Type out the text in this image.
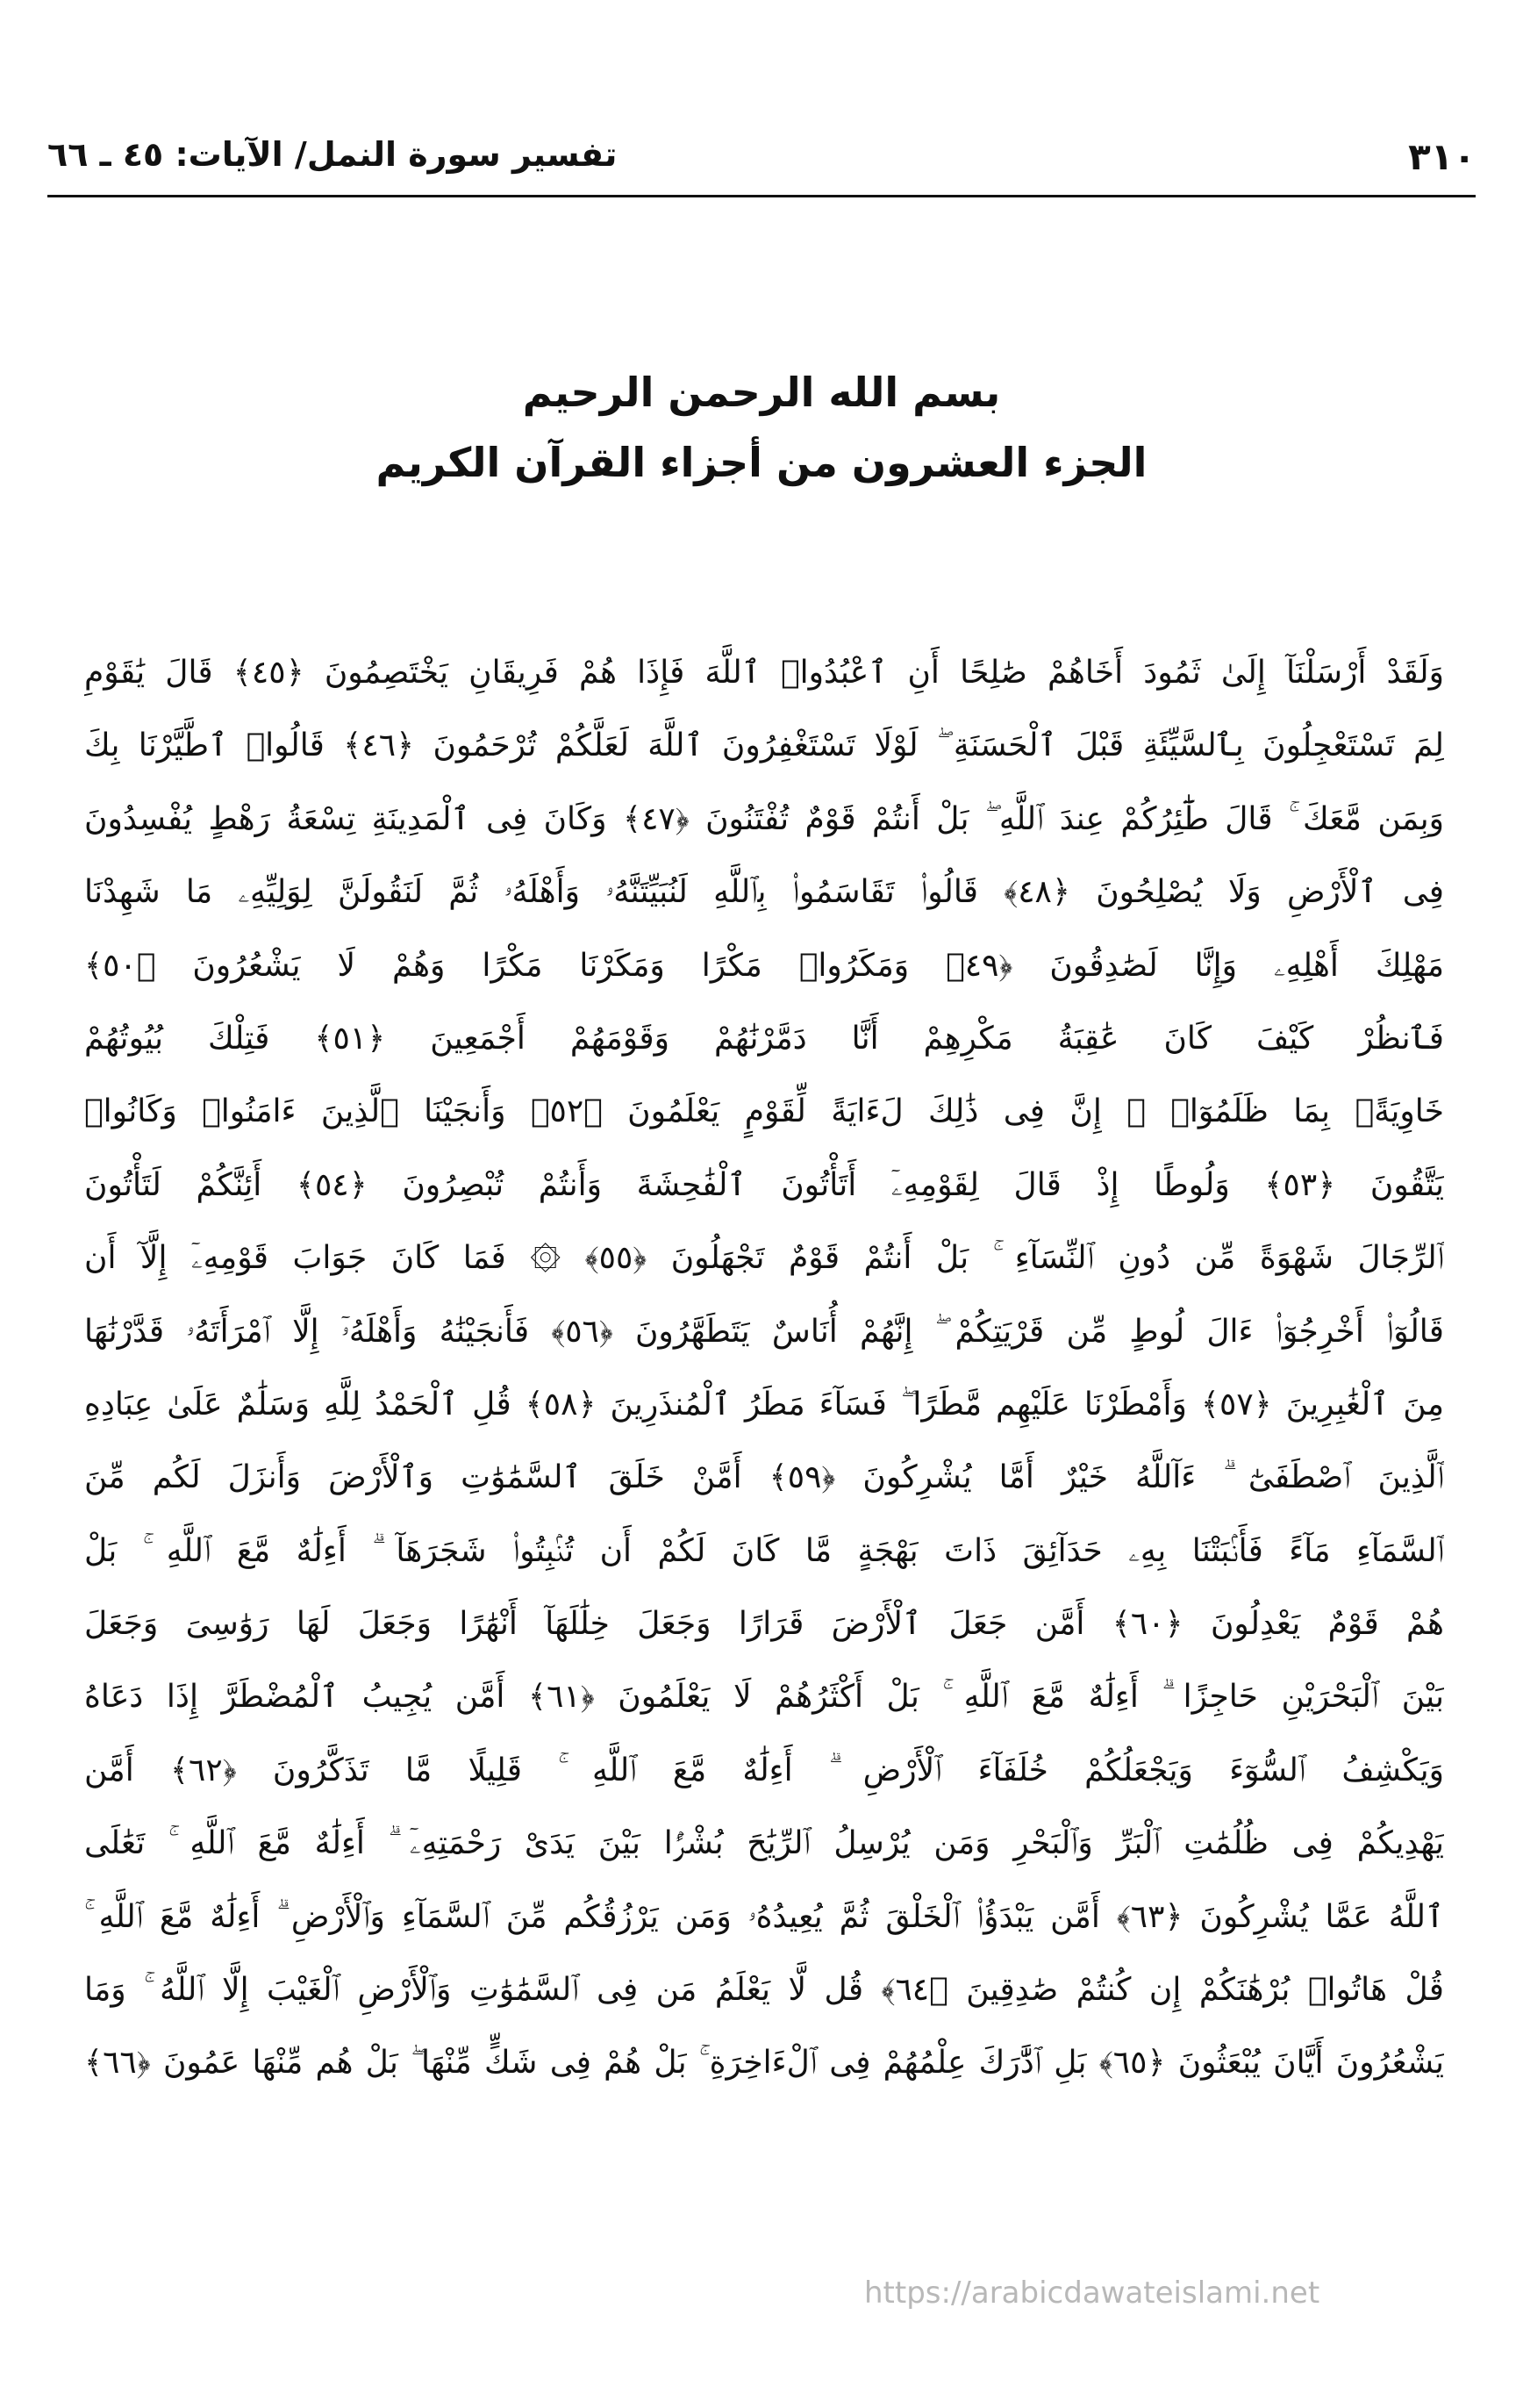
٣١٠
تفسير سورة النمل/ الآيات: ٤٥ ـ ٦٦
بسم الله الرحمن الرحيم
الجزء العشرون من أجزاء القرآن الكريم
وَلَقَدْ أَرْسَلْنَآ إِلَىٰ ثَمُودَ أَخَاهُمْ صَٰلِحًا أَنِ ٱعْبُدُوا۟ ٱللَّهَ فَإِذَا هُمْ فَرِيقَانِ يَخْتَصِمُونَ ﴿٤٥﴾ قَالَ يَٰقَوْمِ
لِمَ تَسْتَعْجِلُونَ بِٱلسَّيِّئَةِ قَبْلَ ٱلْحَسَنَةِ ۖ لَوْلَا تَسْتَغْفِرُونَ ٱللَّهَ لَعَلَّكُمْ تُرْحَمُونَ ﴿٤٦﴾ قَالُوا۟ ٱطَّيَّرْنَا بِكَ
وَبِمَن مَّعَكَ ۚ قَالَ طَٰٓئِرُكُمْ عِندَ ٱللَّهِ ۖ بَلْ أَنتُمْ قَوْمٌ تُفْتَنُونَ ﴿٤٧﴾ وَكَانَ فِى ٱلْمَدِينَةِ تِسْعَةُ رَهْطٍ يُفْسِدُونَ
فِى ٱلْأَرْضِ وَلَا يُصْلِحُونَ ﴿٤٨﴾ قَالُوا۟ تَقَاسَمُوا۟ بِٱللَّهِ لَنُبَيِّتَنَّهُۥ وَأَهْلَهُۥ ثُمَّ لَنَقُولَنَّ لِوَلِيِّهِۦ مَا شَهِدْنَا
مَهْلِكَ أَهْلِهِۦ وَإِنَّا لَصَٰدِقُونَ ﴿٤٩﴾ وَمَكَرُوا۟ مَكْرًا وَمَكَرْنَا مَكْرًا وَهُمْ لَا يَشْعُرُونَ ﴿٥٠﴾
فَٱنظُرْ كَيْفَ كَانَ عَٰقِبَةُ مَكْرِهِمْ أَنَّا دَمَّرْنَٰهُمْ وَقَوْمَهُمْ أَجْمَعِينَ ﴿٥١﴾ فَتِلْكَ بُيُوتُهُمْ
خَاوِيَةًۢ بِمَا ظَلَمُوٓا۟ ۗ إِنَّ فِى ذَٰلِكَ لَءَايَةً لِّقَوْمٍ يَعْلَمُونَ ﴿٥٢﴾ وَأَنجَيْنَا ٱلَّذِينَ ءَامَنُوا۟ وَكَانُوا۟
يَتَّقُونَ ﴿٥٣﴾ وَلُوطًا إِذْ قَالَ لِقَوْمِهِۦٓ أَتَأْتُونَ ٱلْفَٰحِشَةَ وَأَنتُمْ تُبْصِرُونَ ﴿٥٤﴾ أَئِنَّكُمْ لَتَأْتُونَ
ٱلرِّجَالَ شَهْوَةً مِّن دُونِ ٱلنِّسَآءِ ۚ بَلْ أَنتُمْ قَوْمٌ تَجْهَلُونَ ﴿٥٥﴾ ۞ فَمَا كَانَ جَوَابَ قَوْمِهِۦٓ إِلَّآ أَن
قَالُوٓا۟ أَخْرِجُوٓا۟ ءَالَ لُوطٍ مِّن قَرْيَتِكُمْ ۖ إِنَّهُمْ أُنَاسٌ يَتَطَهَّرُونَ ﴿٥٦﴾ فَأَنجَيْنَٰهُ وَأَهْلَهُۥٓ إِلَّا ٱمْرَأَتَهُۥ قَدَّرْنَٰهَا
مِنَ ٱلْغَٰبِرِينَ ﴿٥٧﴾ وَأَمْطَرْنَا عَلَيْهِم مَّطَرًا ۖ فَسَآءَ مَطَرُ ٱلْمُنذَرِينَ ﴿٥٨﴾ قُلِ ٱلْحَمْدُ لِلَّهِ وَسَلَٰمٌ عَلَىٰ عِبَادِهِ
ٱلَّذِينَ ٱصْطَفَىٰٓ ۗ ءَآللَّهُ خَيْرٌ أَمَّا يُشْرِكُونَ ﴿٥٩﴾ أَمَّنْ خَلَقَ ٱلسَّمَٰوَٰتِ وَٱلْأَرْضَ وَأَنزَلَ لَكُم مِّنَ
ٱلسَّمَآءِ مَآءً فَأَنۢبَتْنَا بِهِۦ حَدَآئِقَ ذَاتَ بَهْجَةٍ مَّا كَانَ لَكُمْ أَن تُنۢبِتُوا۟ شَجَرَهَآ ۗ أَءِلَٰهٌ مَّعَ ٱللَّهِ ۚ بَلْ
هُمْ قَوْمٌ يَعْدِلُونَ ﴿٦٠﴾ أَمَّن جَعَلَ ٱلْأَرْضَ قَرَارًا وَجَعَلَ خِلَٰلَهَآ أَنْهَٰرًا وَجَعَلَ لَهَا رَوَٰسِىَ وَجَعَلَ
بَيْنَ ٱلْبَحْرَيْنِ حَاجِزًا ۗ أَءِلَٰهٌ مَّعَ ٱللَّهِ ۚ بَلْ أَكْثَرُهُمْ لَا يَعْلَمُونَ ﴿٦١﴾ أَمَّن يُجِيبُ ٱلْمُضْطَرَّ إِذَا دَعَاهُ
وَيَكْشِفُ ٱلسُّوٓءَ وَيَجْعَلُكُمْ خُلَفَآءَ ٱلْأَرْضِ ۗ أَءِلَٰهٌ مَّعَ ٱللَّهِ ۚ قَلِيلًا مَّا تَذَكَّرُونَ ﴿٦٢﴾ أَمَّن
يَهْدِيكُمْ فِى ظُلُمَٰتِ ٱلْبَرِّ وَٱلْبَحْرِ وَمَن يُرْسِلُ ٱلرِّيَٰحَ بُشْرًۢا بَيْنَ يَدَىْ رَحْمَتِهِۦٓ ۗ أَءِلَٰهٌ مَّعَ ٱللَّهِ ۚ تَعَٰلَى
ٱللَّهُ عَمَّا يُشْرِكُونَ ﴿٦٣﴾ أَمَّن يَبْدَؤُا۟ ٱلْخَلْقَ ثُمَّ يُعِيدُهُۥ وَمَن يَرْزُقُكُم مِّنَ ٱلسَّمَآءِ وَٱلْأَرْضِ ۗ أَءِلَٰهٌ مَّعَ ٱللَّهِ ۚ
قُلْ هَاتُوا۟ بُرْهَٰنَكُمْ إِن كُنتُمْ صَٰدِقِينَ ﴿٦٤﴾ قُل لَّا يَعْلَمُ مَن فِى ٱلسَّمَٰوَٰتِ وَٱلْأَرْضِ ٱلْغَيْبَ إِلَّا ٱللَّهُ ۚ وَمَا
يَشْعُرُونَ أَيَّانَ يُبْعَثُونَ ﴿٦٥﴾ بَلِ ٱدَّٰرَكَ عِلْمُهُمْ فِى ٱلْءَاخِرَةِ ۚ بَلْ هُمْ فِى شَكٍّ مِّنْهَا ۖ بَلْ هُم مِّنْهَا عَمُونَ ﴿٦٦﴾
https://arabicdawateislami.net
